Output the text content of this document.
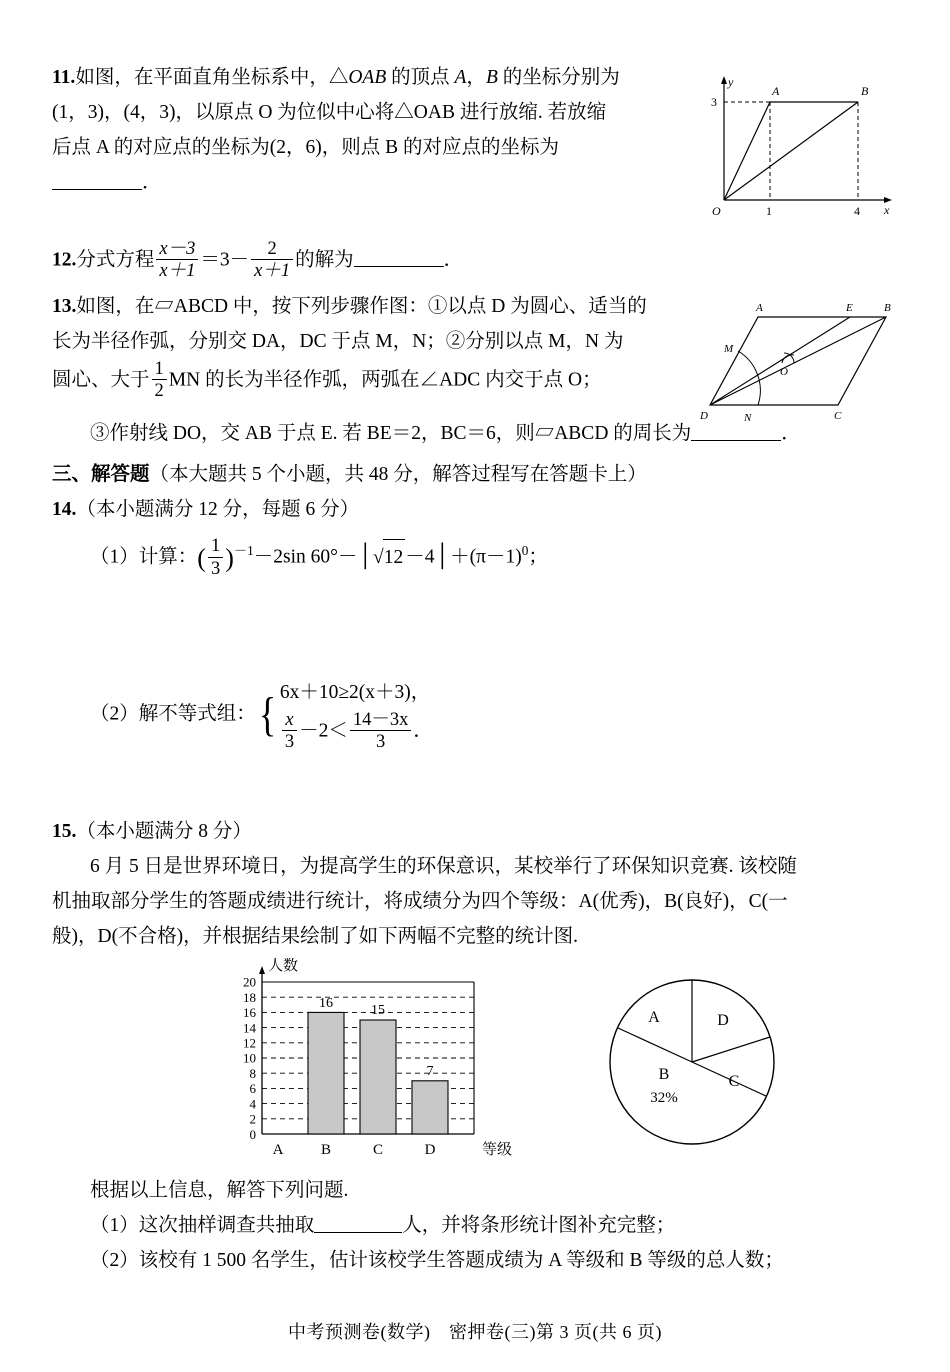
y
x
3
1	4
O
A	B
11.如图，在平面直角坐标系中，△OAB 的顶点 A，B 的坐标分别为
(1，3)，(4，3)，以原点 O 为位似中心将△OAB 进行放缩. 若放缩
后点 A 的对应点的坐标为(2，6)，则点 B 的对应点的坐标为
．
12.分式方程 $\frac{x-3}{x+1} =3- \frac{2}{x+1}$ 的解为	．
A	B
E
C
D
M
N
O
13.如图，在▱ABCD 中，按下列步骤作图：①以点 D 为圆心、适当的
长为半径作弧，分别交 DA，DC 于点 M，N；②分别以点 M，N 为
圆心、大于 $\frac{1}{2}$ MN 的长为半径作弧，两弧在∠ADC 内交于点 O；
③作射线 DO，交 AB 于点 E. 若 BE＝2，BC＝6，则▱ABCD 的周长为	．
三、解答题（本大题共 5 个小题，共 48 分，解答过程写在答题卡上）
14.（本小题满分 12 分，每题 6 分）
（1）计算：( $\frac{1}{3} )^{-1}-2\sin$ 60°－│√12 $-4│+(\pi-1)^0$；
（2）解不等式组：{ 6x＋10≥2(x＋3)，
$\frac{x}{3} -2< \frac{14-3x}{3}$ ．
15.（本小题满分 8 分）
6 月 5 日是世界环境日，为提高学生的环保意识，某校举行了环保知识竞赛. 该校随
机抽取部分学生的答题成绩进行统计，将成绩分为四个等级：A(优秀)，B(良好)，C(一
般)，D(不合格)，并根据结果绘制了如下两幅不完整的统计图.
0
2
4
6
8
10
12
14
16
18
20
16	15
7
A	B	C	D
人数
等级
A	D
C
B
32%
根据以上信息，解答下列问题.
（1）这次抽样调查共抽取	人，并将条形统计图补充完整；
（2）该校有 1 500 名学生，估计该校学生答题成绩为 A 等级和 B 等级的总人数；
中考预测卷(数学)　密押卷(三)第 3 页(共 6 页)
